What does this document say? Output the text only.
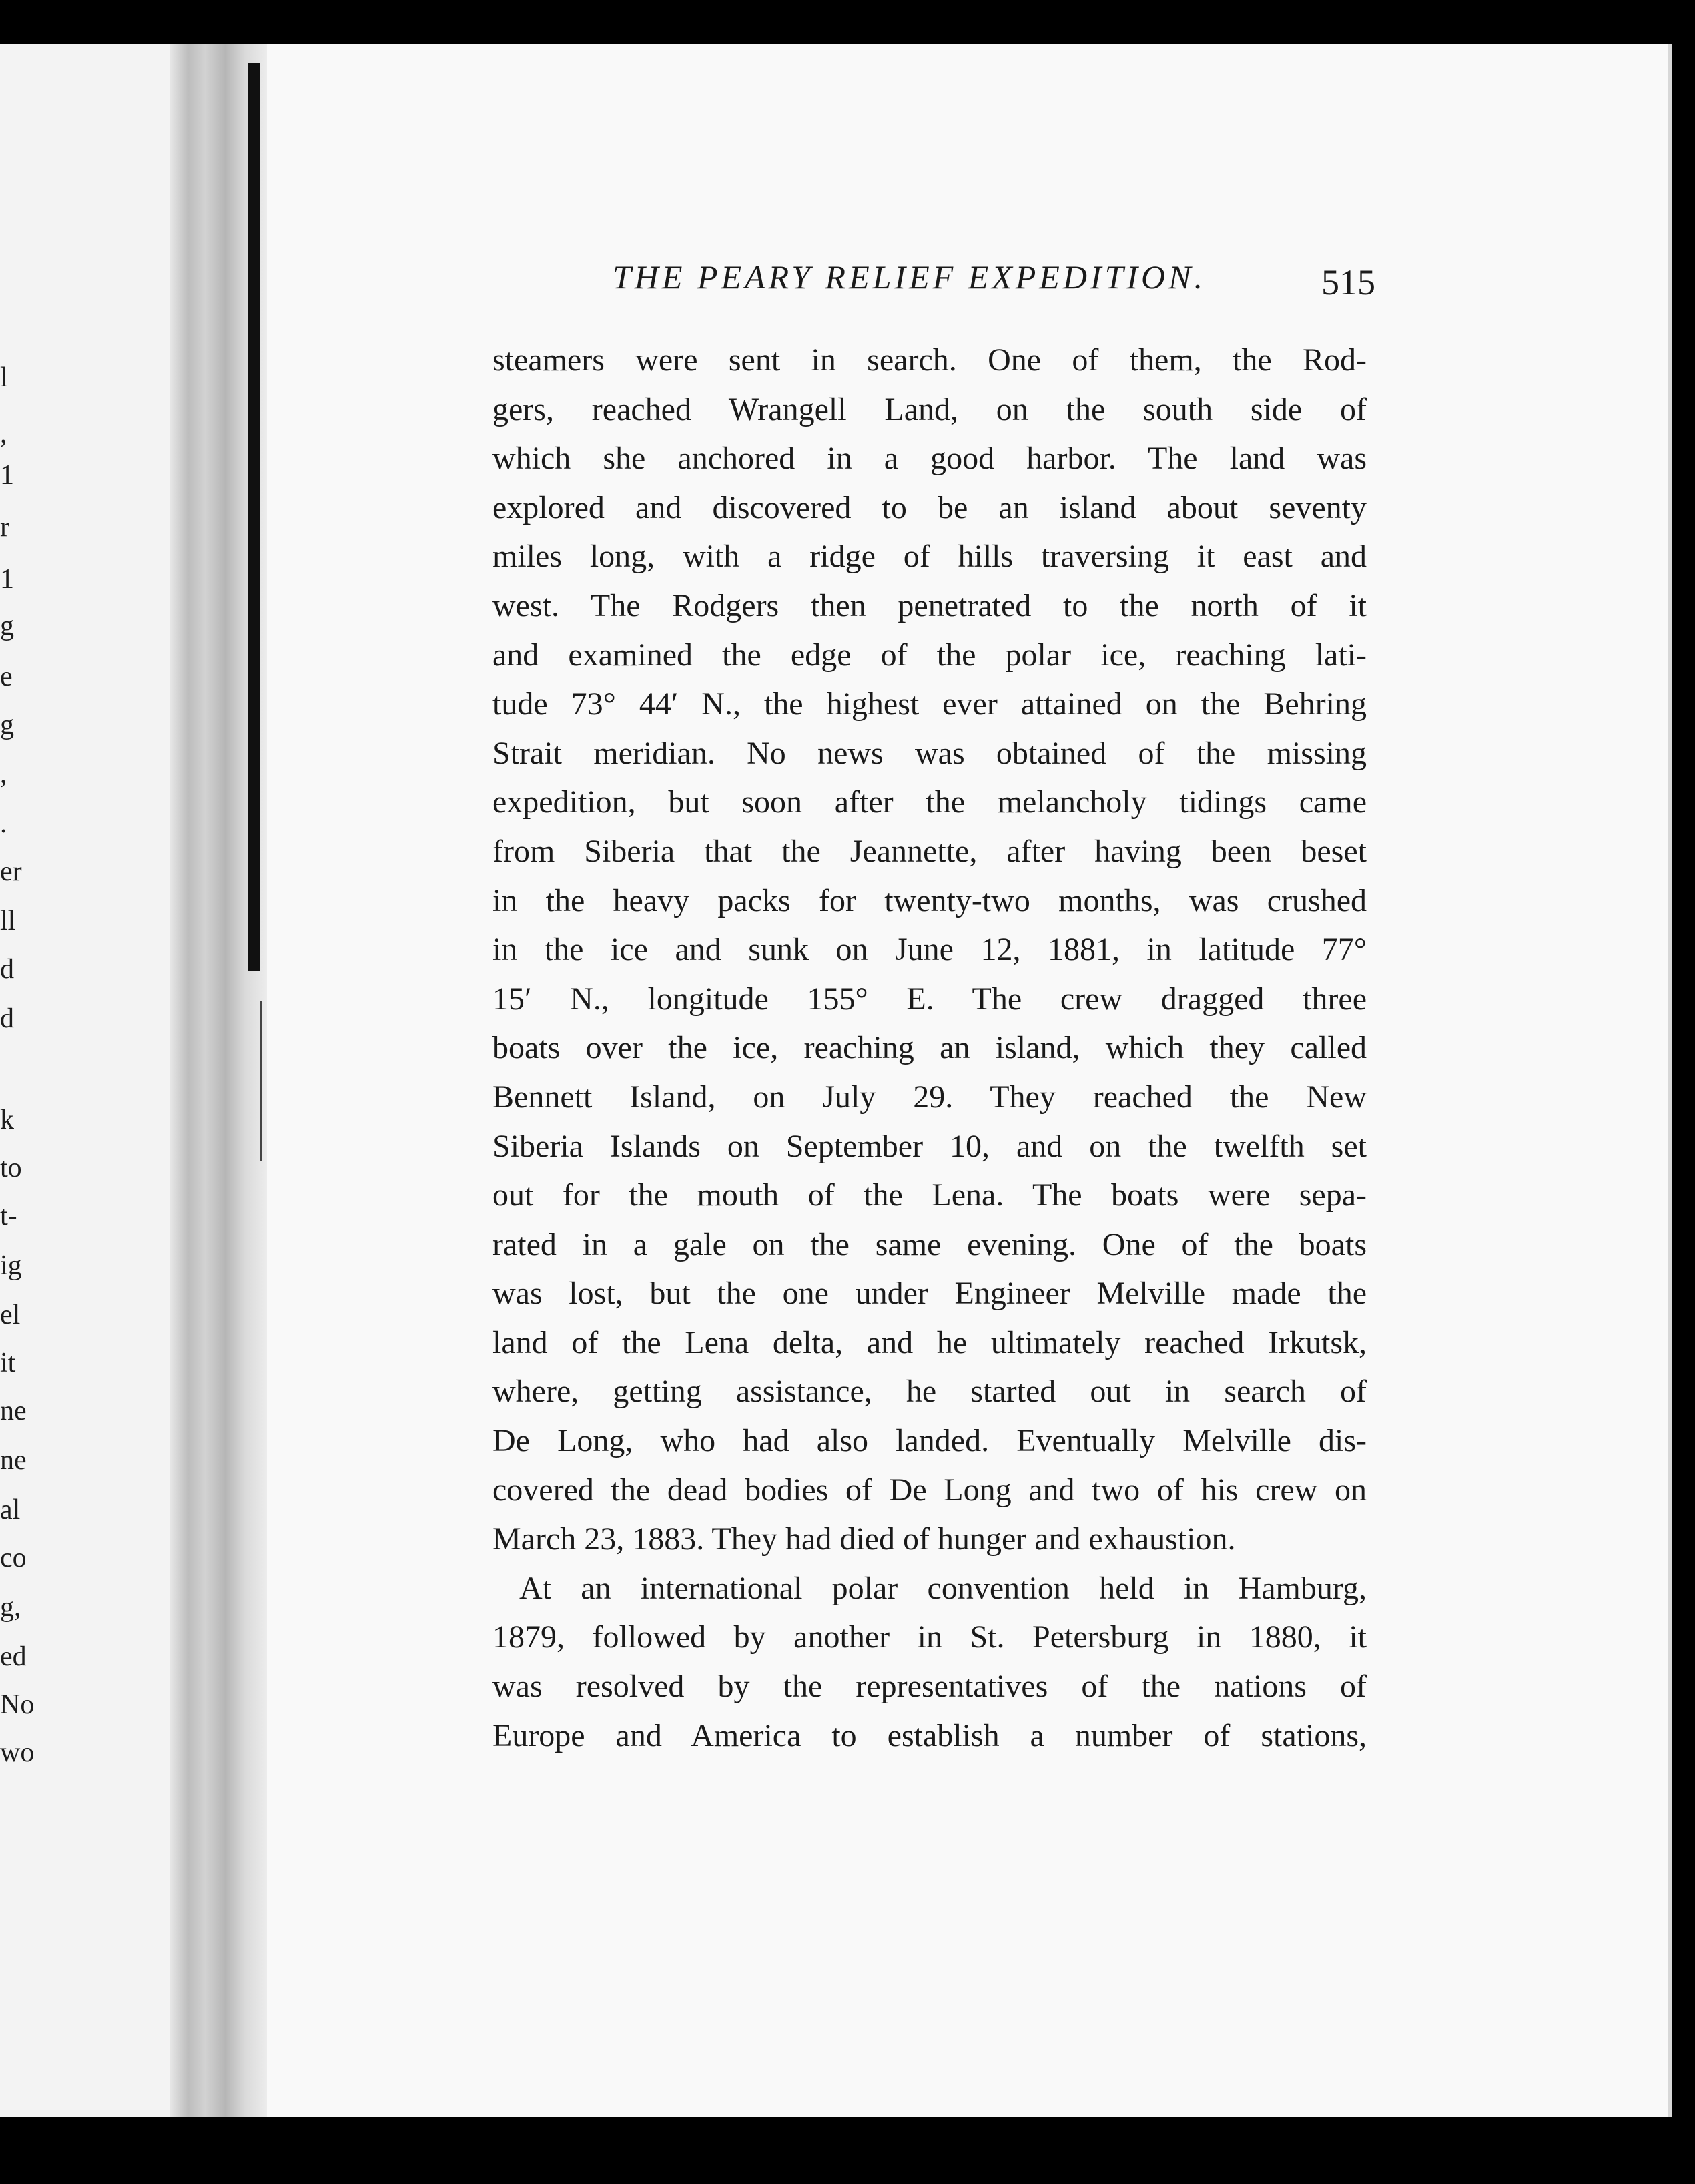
l
,
1
r
1
g
e
g
,
.
er
ll
d
d
k
to
t-
ig
el
it
ne
ne
al
co
g,
ed
No
wo
THE PEARY RELIEF EXPEDITION.	515
steamers were sent in search. One of them, the Rod-
gers, reached Wrangell Land, on the south side of
which she anchored in a good harbor. The land was
explored and discovered to be an island about seventy
miles long, with a ridge of hills traversing it east and
west. The Rodgers then penetrated to the north of it
and examined the edge of the polar ice, reaching lati-
tude 73° 44′ N., the highest ever attained on the Behring
Strait meridian. No news was obtained of the missing
expedition, but soon after the melancholy tidings came
from Siberia that the Jeannette, after having been beset
in the heavy packs for twenty-two months, was crushed
in the ice and sunk on June 12, 1881, in latitude 77°
15′ N., longitude 155° E. The crew dragged three
boats over the ice, reaching an island, which they called
Bennett Island, on July 29. They reached the New
Siberia Islands on September 10, and on the twelfth set
out for the mouth of the Lena. The boats were sepa-
rated in a gale on the same evening. One of the boats
was lost, but the one under Engineer Melville made the
land of the Lena delta, and he ultimately reached Irkutsk,
where, getting assistance, he started out in search of
De Long, who had also landed. Eventually Melville dis-
covered the dead bodies of De Long and two of his crew on
March 23, 1883. They had died of hunger and exhaustion.
At an international polar convention held in Hamburg,
1879, followed by another in St. Petersburg in 1880, it
was resolved by the representatives of the nations of
Europe and America to establish a number of stations,
